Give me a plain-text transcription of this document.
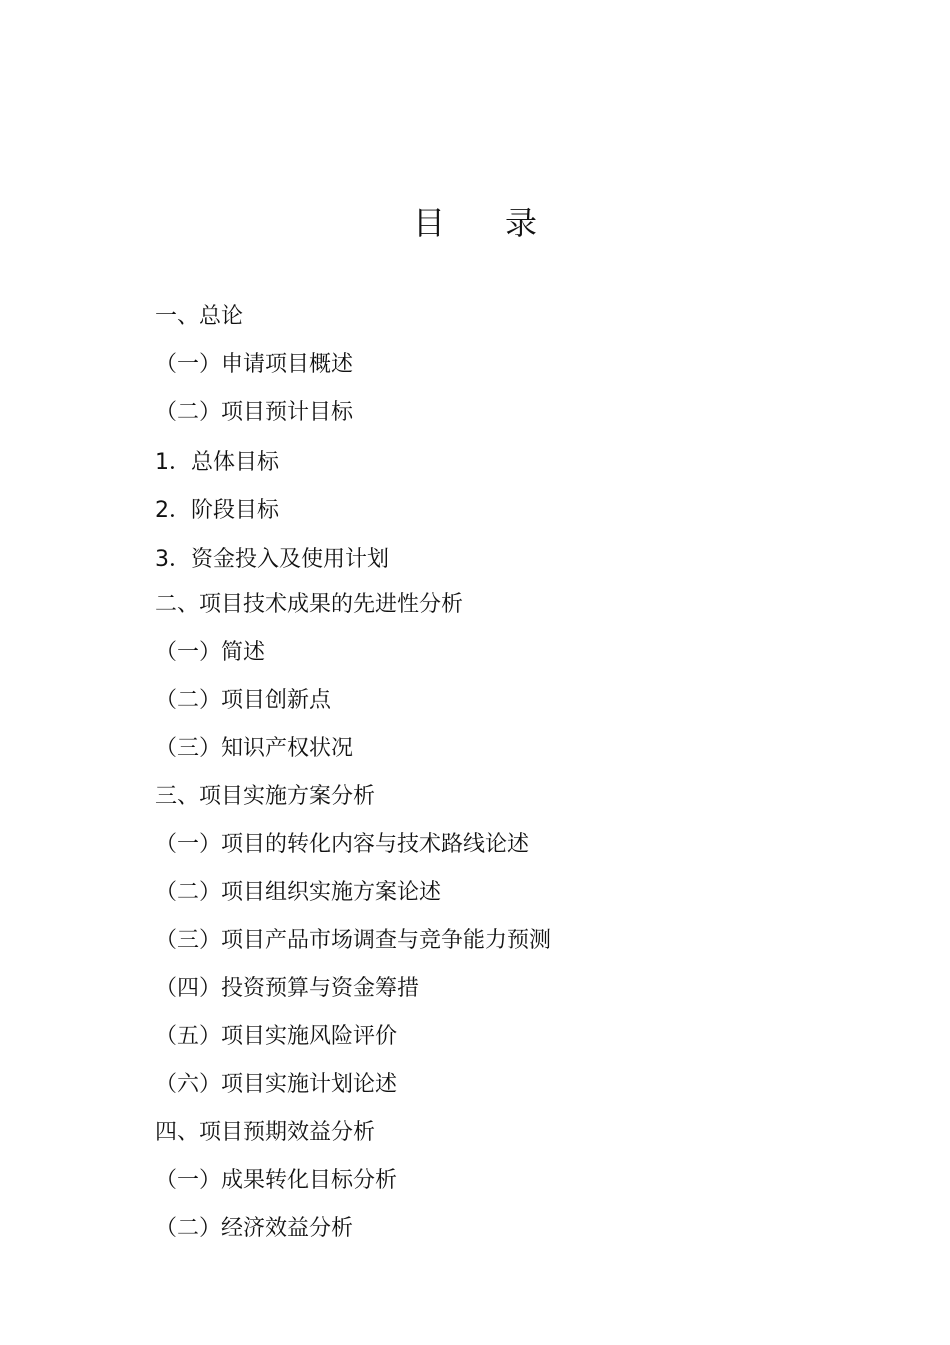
目 录
一、总论
（一）申请项目概述
（二）项目预计目标
1．总体目标
2．阶段目标
3．资金投入及使用计划
二、项目技术成果的先进性分析
（一）简述
（二）项目创新点
（三）知识产权状况
三、项目实施方案分析
（一）项目的转化内容与技术路线论述
（二）项目组织实施方案论述
（三）项目产品市场调查与竞争能力预测
（四）投资预算与资金筹措
（五）项目实施风险评价
（六）项目实施计划论述
四、项目预期效益分析
（一）成果转化目标分析
（二）经济效益分析
